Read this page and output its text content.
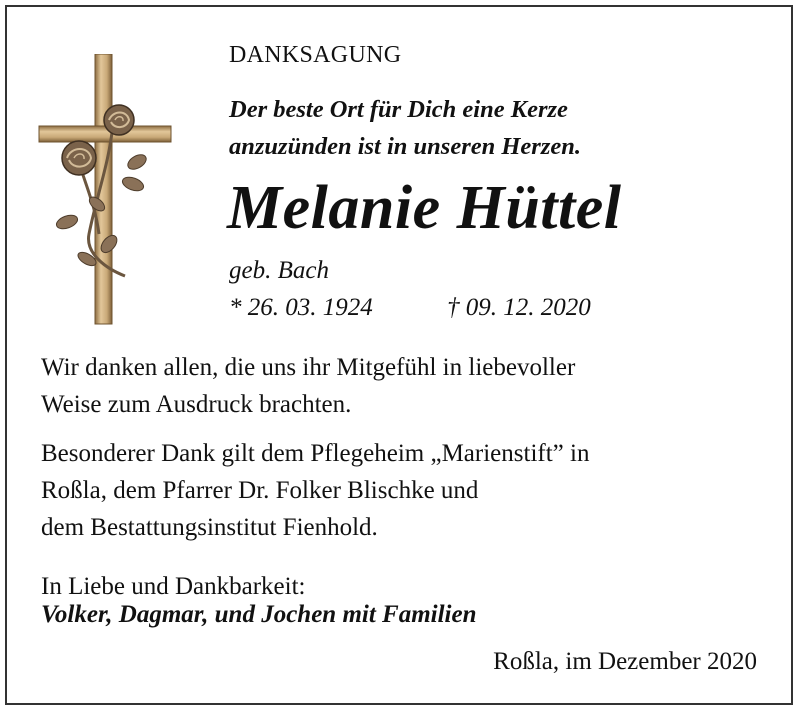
DANKSAGUNG
Der beste Ort für Dich eine Kerze
anzuzünden ist in unseren Herzen.
Melanie Hüttel
geb. Bach
* 26. 03. 1924	† 09. 12. 2020
Wir danken allen, die uns ihr Mitgefühl in liebevoller
Weise zum Ausdruck brachten.
Besonderer Dank gilt dem Pflegeheim „Marienstift” in
Roßla, dem Pfarrer Dr. Folker Blischke und
dem Bestattungsinstitut Fienhold.
In Liebe und Dankbarkeit:
Volker, Dagmar, und Jochen mit Familien
Roßla, im Dezember 2020
